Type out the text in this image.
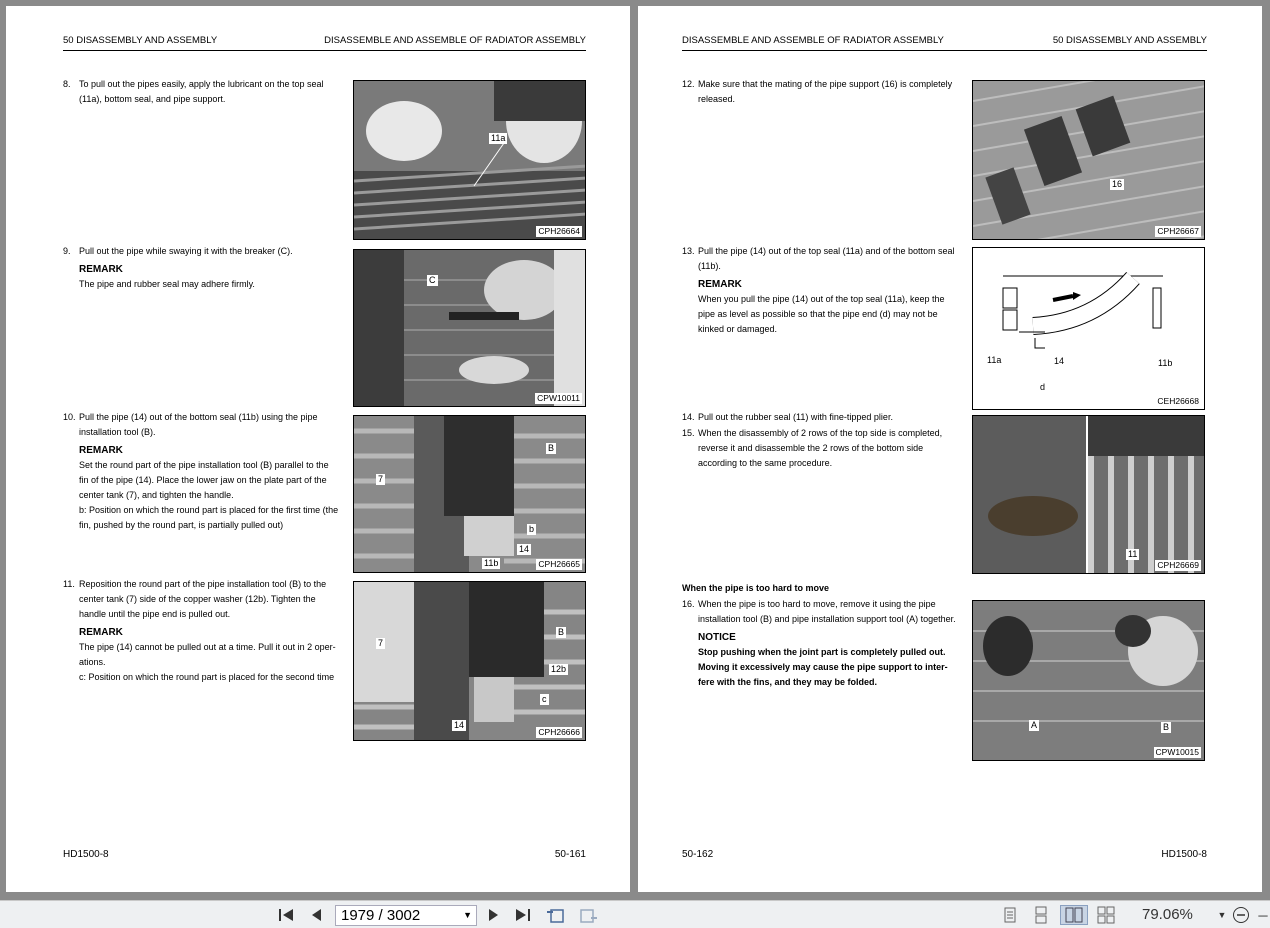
50 DISASSEMBLY AND ASSEMBLY	DISASSEMBLE AND ASSEMBLE OF RADIATOR ASSEMBLY
8. To pull out the pipes easily, apply the lubricant on the top seal
(11a), bottom seal, and pipe support.
9. Pull out the pipe while swaying it with the breaker (C).
REMARK
The pipe and rubber seal may adhere firmly.
10. Pull the pipe (14) out of the bottom seal (11b) using the pipe
installation tool (B).
REMARK
Set the round part of the pipe installation tool (B) parallel to the
fin of the pipe (14). Place the lower jaw on the plate part of the
center tank (7), and tighten the handle.
b: Position on which the round part is placed for the first time (the
fin, pushed by the round part, is partially pulled out)
11. Reposition the round part of the pipe installation tool (B) to the
center tank (7) side of the copper washer (12b). Tighten the
handle until the pipe end is pulled out.
REMARK
The pipe (14) cannot be pulled out at a time. Pull it out in 2 oper-
ations.
c: Position on which the round part is placed for the second time
11a
CPH26664
C
CPW10011
B
7
b
14
11b	CPH26665
7
B
12b
c
14
CPH26666
HD1500-8	50-161
DISASSEMBLE AND ASSEMBLE OF RADIATOR ASSEMBLY	50 DISASSEMBLY AND ASSEMBLY
12. Make sure that the mating of the pipe support (16) is completely
released.
13. Pull the pipe (14) out of the top seal (11a) and of the bottom seal
(11b).
REMARK
When you pull the pipe (14) out of the top seal (11a), keep the
pipe as level as possible so that the pipe end (d) may not be
kinked or damaged.
14. Pull out the rubber seal (11) with fine-tipped plier.
15. When the disassembly of 2 rows of the top side is completed,
reverse it and disassemble the 2 rows of the bottom side
according to the same procedure.
When the pipe is too hard to move
16. When the pipe is too hard to move, remove it using the pipe
installation tool (B) and pipe installation support tool (A) together.
NOTICE
Stop pushing when the joint part is completely pulled out.
Moving it excessively may cause the pipe support to inter-
fere with the fins, and they may be folded.
16
CPH26667
11a	14	11b
d
CEH26668
11
CPH26669
A	B
CPW10015
50-162	HD1500-8
1979 / 3002	▼	79.06%	▼ ─
